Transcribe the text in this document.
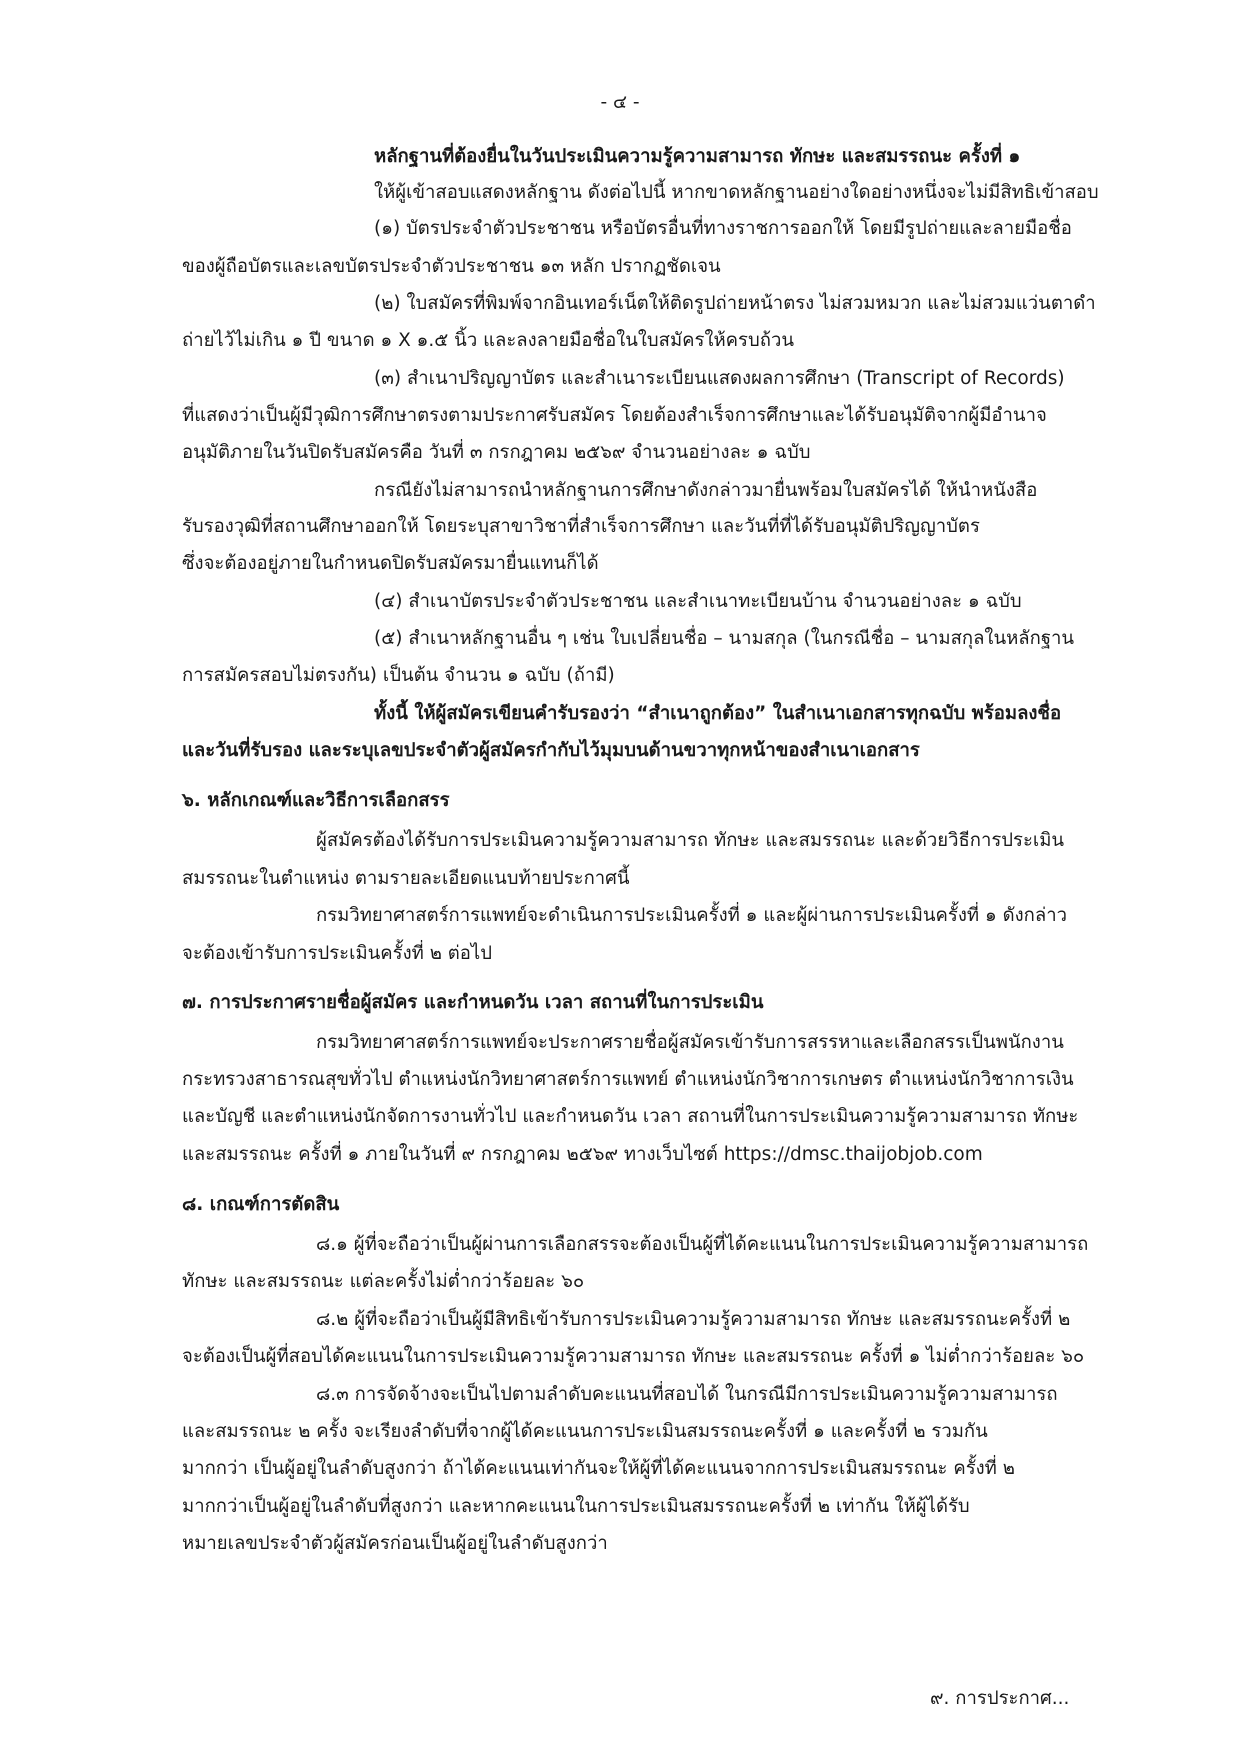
- ๔ -

หลักฐานที่ต้องยื่นในวันประเมินความรู้ความสามารถ ทักษะ และสมรรถนะ ครั้งที่ ๑

ให้ผู้เข้าสอบแสดงหลักฐาน ดังต่อไปนี้ หากขาดหลักฐานอย่างใดอย่างหนึ่งจะไม่มีสิทธิเข้าสอบ

(๑) บัตรประจำตัวประชาชน หรือบัตรอื่นที่ทางราชการออกให้ โดยมีรูปถ่ายและลายมือชื่อ

ของผู้ถือบัตรและเลขบัตรประจำตัวประชาชน ๑๓ หลัก ปรากฏชัดเจน

(๒) ใบสมัครที่พิมพ์จากอินเทอร์เน็ตให้ติดรูปถ่ายหน้าตรง ไม่สวมหมวก และไม่สวมแว่นตาดำ

ถ่ายไว้ไม่เกิน ๑ ปี ขนาด ๑ X ๑.๕ นิ้ว และลงลายมือชื่อในใบสมัครให้ครบถ้วน

(๓) สำเนาปริญญาบัตร และสำเนาระเบียนแสดงผลการศึกษา (Transcript of Records)

ที่แสดงว่าเป็นผู้มีวุฒิการศึกษาตรงตามประกาศรับสมัคร โดยต้องสำเร็จการศึกษาและได้รับอนุมัติจากผู้มีอำนาจ

อนุมัติภายในวันปิดรับสมัครคือ วันที่ ๓ กรกฎาคม ๒๕๖๙ จำนวนอย่างละ ๑ ฉบับ

กรณียังไม่สามารถนำหลักฐานการศึกษาดังกล่าวมายื่นพร้อมใบสมัครได้ ให้นำหนังสือ

รับรองวุฒิที่สถานศึกษาออกให้ โดยระบุสาขาวิชาที่สำเร็จการศึกษา และวันที่ที่ได้รับอนุมัติปริญญาบัตร

ซึ่งจะต้องอยู่ภายในกำหนดปิดรับสมัครมายื่นแทนก็ได้

(๔) สำเนาบัตรประจำตัวประชาชน และสำเนาทะเบียนบ้าน จำนวนอย่างละ ๑ ฉบับ

(๕) สำเนาหลักฐานอื่น ๆ เช่น ใบเปลี่ยนชื่อ – นามสกุล (ในกรณีชื่อ – นามสกุลในหลักฐาน

การสมัครสอบไม่ตรงกัน) เป็นต้น จำนวน ๑ ฉบับ (ถ้ามี)

ทั้งนี้ ให้ผู้สมัครเขียนคำรับรองว่า “สำเนาถูกต้อง” ในสำเนาเอกสารทุกฉบับ พร้อมลงชื่อ

และวันที่รับรอง และระบุเลขประจำตัวผู้สมัครกำกับไว้มุมบนด้านขวาทุกหน้าของสำเนาเอกสาร

๖. หลักเกณฑ์และวิธีการเลือกสรร

ผู้สมัครต้องได้รับการประเมินความรู้ความสามารถ ทักษะ และสมรรถนะ และด้วยวิธีการประเมิน

สมรรถนะในตำแหน่ง ตามรายละเอียดแนบท้ายประกาศนี้

กรมวิทยาศาสตร์การแพทย์จะดำเนินการประเมินครั้งที่ ๑ และผู้ผ่านการประเมินครั้งที่ ๑ ดังกล่าว

จะต้องเข้ารับการประเมินครั้งที่ ๒ ต่อไป

๗. การประกาศรายชื่อผู้สมัคร และกำหนดวัน เวลา สถานที่ในการประเมิน

กรมวิทยาศาสตร์การแพทย์จะประกาศรายชื่อผู้สมัครเข้ารับการสรรหาและเลือกสรรเป็นพนักงาน

กระทรวงสาธารณสุขทั่วไป ตำแหน่งนักวิทยาศาสตร์การแพทย์ ตำแหน่งนักวิชาการเกษตร ตำแหน่งนักวิชาการเงิน

และบัญชี และตำแหน่งนักจัดการงานทั่วไป และกำหนดวัน เวลา สถานที่ในการประเมินความรู้ความสามารถ ทักษะ

และสมรรถนะ ครั้งที่ ๑ ภายในวันที่ ๙ กรกฎาคม ๒๕๖๙ ทางเว็บไซต์ https://dmsc.thaijobjob.com

๘. เกณฑ์การตัดสิน

๘.๑ ผู้ที่จะถือว่าเป็นผู้ผ่านการเลือกสรรจะต้องเป็นผู้ที่ได้คะแนนในการประเมินความรู้ความสามารถ

ทักษะ และสมรรถนะ แต่ละครั้งไม่ต่ำกว่าร้อยละ ๖๐

๘.๒ ผู้ที่จะถือว่าเป็นผู้มีสิทธิเข้ารับการประเมินความรู้ความสามารถ ทักษะ และสมรรถนะครั้งที่ ๒

จะต้องเป็นผู้ที่สอบได้คะแนนในการประเมินความรู้ความสามารถ ทักษะ และสมรรถนะ ครั้งที่ ๑ ไม่ต่ำกว่าร้อยละ ๖๐

๘.๓ การจัดจ้างจะเป็นไปตามลำดับคะแนนที่สอบได้ ในกรณีมีการประเมินความรู้ความสามารถ

และสมรรถนะ ๒ ครั้ง จะเรียงลำดับที่จากผู้ได้คะแนนการประเมินสมรรถนะครั้งที่ ๑ และครั้งที่ ๒ รวมกัน

มากกว่า เป็นผู้อยู่ในลำดับสูงกว่า ถ้าได้คะแนนเท่ากันจะให้ผู้ที่ได้คะแนนจากการประเมินสมรรถนะ ครั้งที่ ๒

มากกว่าเป็นผู้อยู่ในลำดับที่สูงกว่า และหากคะแนนในการประเมินสมรรถนะครั้งที่ ๒ เท่ากัน ให้ผู้ได้รับ

หมายเลขประจำตัวผู้สมัครก่อนเป็นผู้อยู่ในลำดับสูงกว่า

๙. การประกาศ...
